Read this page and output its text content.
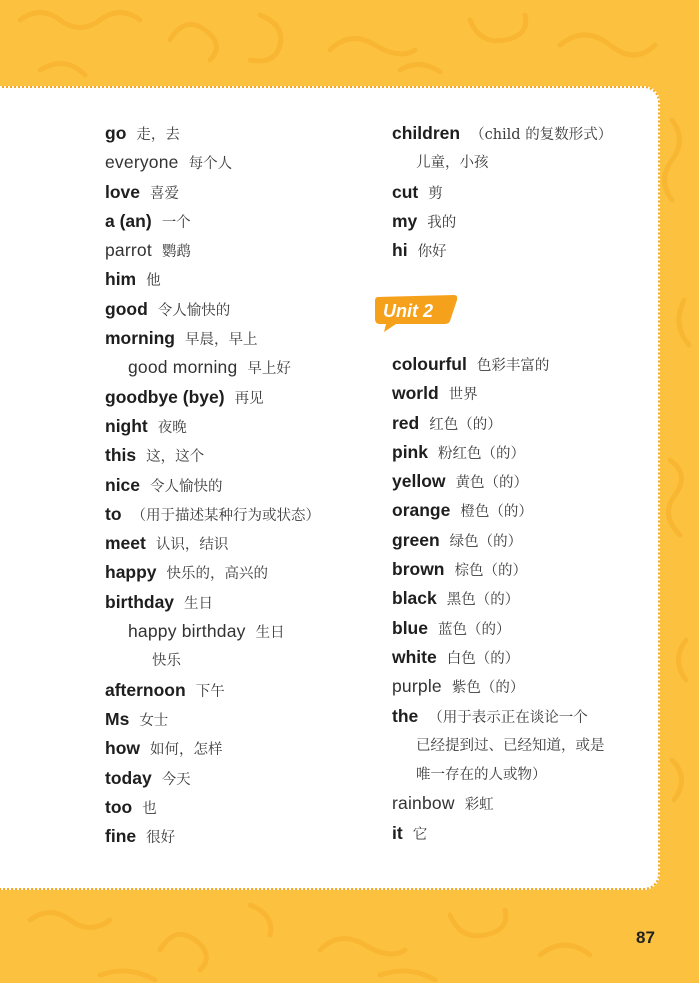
go 走，去
everyone 每个人
love 喜爱
a (an) 一个
parrot 鹦鹉
him 他
good 令人愉快的
morning 早晨，早上
good morning 早上好
goodbye (bye) 再见
night 夜晚
this 这，这个
nice 令人愉快的
to （用于描述某种行为或状态）
meet 认识，结识
happy 快乐的，高兴的
birthday 生日
happy birthday 生日
快乐
afternoon 下午
Ms 女士
how 如何，怎样
today 今天
too 也
fine 很好
children （child 的复数形式）
儿童，小孩
cut 剪
my 我的
hi 你好
Unit 2
colourful 色彩丰富的
world 世界
red 红色（的）
pink 粉红色（的）
yellow 黄色（的）
orange 橙色（的）
green 绿色（的）
brown 棕色（的）
black 黑色（的）
blue 蓝色（的）
white 白色（的）
purple 紫色（的）
the （用于表示正在谈论一个
已经提到过、已经知道，或是
唯一存在的人或物）
rainbow 彩虹
it 它
87
